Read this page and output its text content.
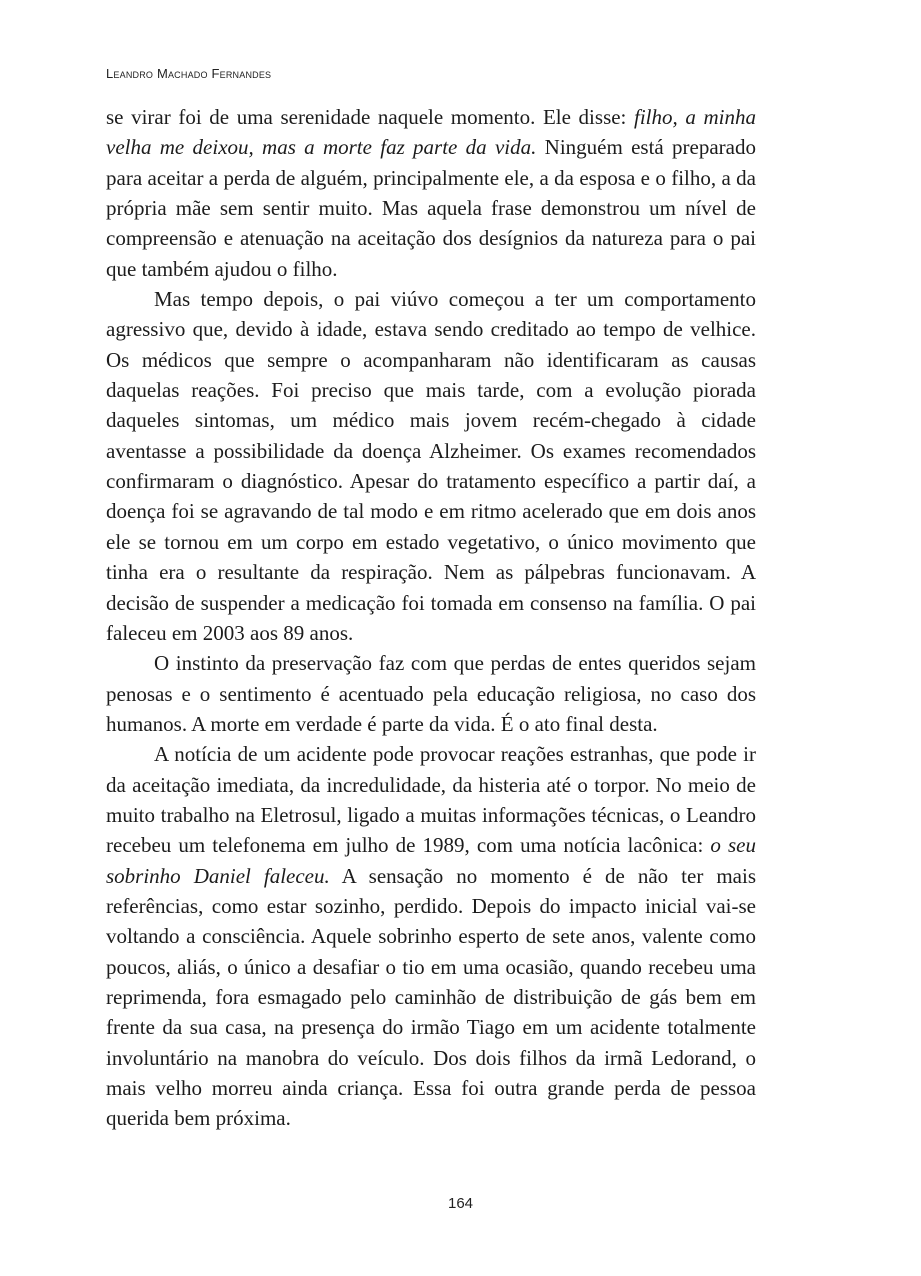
Leandro Machado Fernandes

se virar foi de uma serenidade naquele momento. Ele disse: filho, a minha velha me deixou, mas a morte faz parte da vida. Ninguém está preparado para aceitar a perda de alguém, principalmente ele, a da esposa e o filho, a da própria mãe sem sentir muito. Mas aquela frase demonstrou um nível de compreensão e atenuação na aceitação dos desígnios da natureza para o pai que também ajudou o filho.

Mas tempo depois, o pai viúvo começou a ter um comportamento agressivo que, devido à idade, estava sendo creditado ao tempo de velhice. Os médicos que sempre o acompanharam não identificaram as causas daquelas reações. Foi preciso que mais tarde, com a evolução piorada daqueles sintomas, um médico mais jovem recém-chegado à cidade aventasse a possibilidade da doença Alzheimer. Os exames recomendados confirmaram o diagnóstico. Apesar do tratamento específico a partir daí, a doença foi se agravando de tal modo e em ritmo acelerado que em dois anos ele se tornou em um corpo em estado vegetativo, o único movimento que tinha era o resultante da respiração. Nem as pálpebras funcionavam. A decisão de suspender a medicação foi tomada em consenso na família. O pai faleceu em 2003 aos 89 anos.

O instinto da preservação faz com que perdas de entes queridos sejam penosas e o sentimento é acentuado pela educação religiosa, no caso dos humanos. A morte em verdade é parte da vida. É o ato final desta.

A notícia de um acidente pode provocar reações estranhas, que pode ir da aceitação imediata, da incredulidade, da histeria até o torpor. No meio de muito trabalho na Eletrosul, ligado a muitas informações técnicas, o Leandro recebeu um telefonema em julho de 1989, com uma notícia lacônica: o seu sobrinho Daniel faleceu. A sensação no momento é de não ter mais referências, como estar sozinho, perdido. Depois do impacto inicial vai-se voltando a consciência. Aquele sobrinho esperto de sete anos, valente como poucos, aliás, o único a desafiar o tio em uma ocasião, quando recebeu uma reprimenda, fora esmagado pelo caminhão de distribuição de gás bem em frente da sua casa, na presença do irmão Tiago em um acidente totalmente involuntário na manobra do veículo. Dos dois filhos da irmã Ledorand, o mais velho morreu ainda criança. Essa foi outra grande perda de pessoa querida bem próxima.

164
